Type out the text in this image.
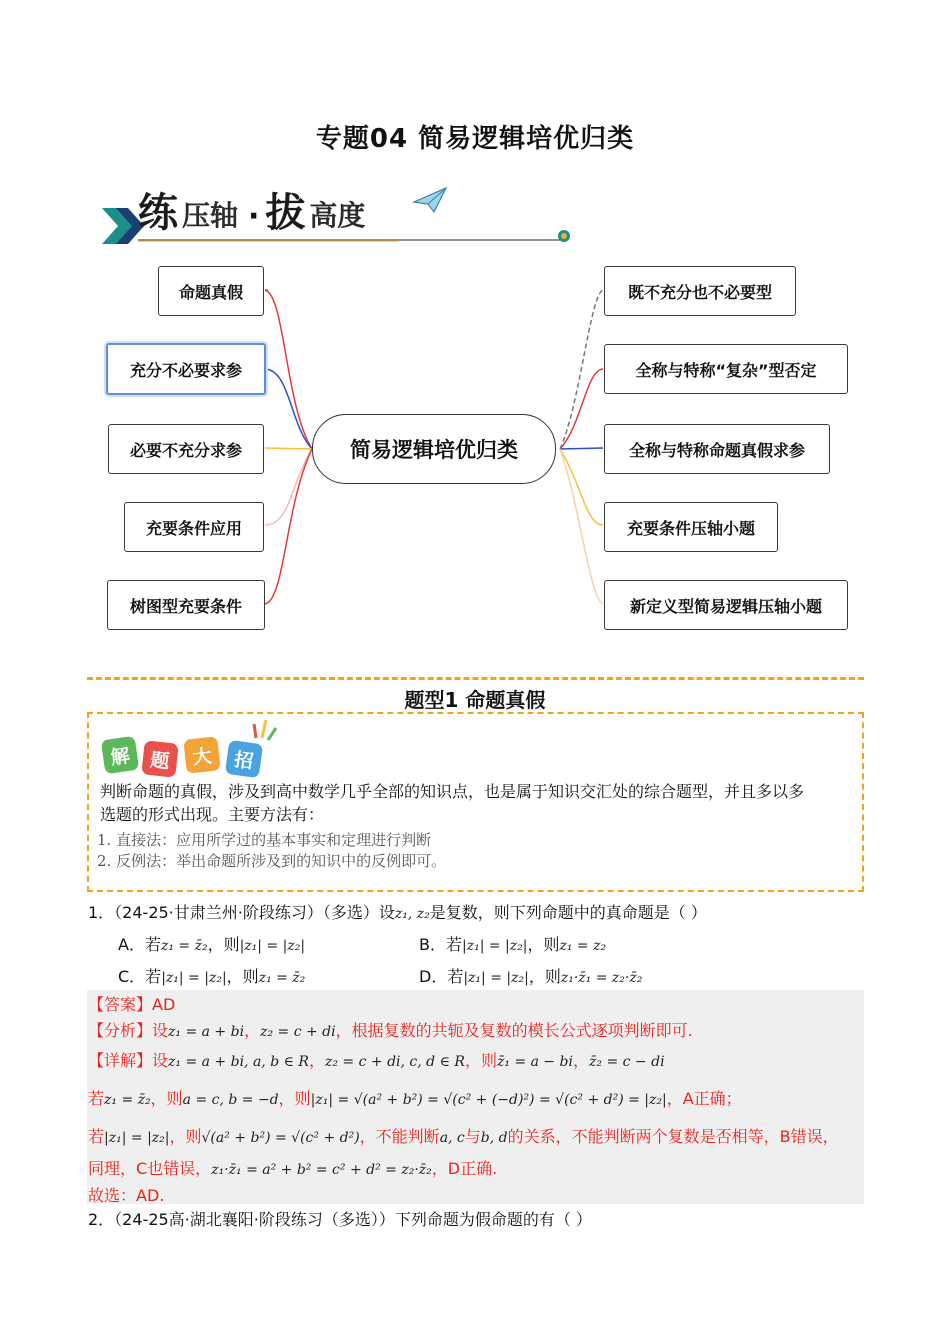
专题04 简易逻辑培优归类
练 压轴 · 拔 高度
命题真假
充分不必要求参
必要不充分求参
充要条件应用
树图型充要条件
简易逻辑培优归类
既不充分也不必要型
全称与特称“复杂”型否定
全称与特称命题真假求参
充要条件压轴小题
新定义型简易逻辑压轴小题
题型1 命题真假
解 题	大	招
判断命题的真假，涉及到高中数学几乎全部的知识点，也是属于知识交汇处的综合题型，并且多以多
选题的形式出现。主要方法有：
1. 直接法：应用所学过的基本事实和定理进行判断
2. 反例法：举出命题所涉及到的知识中的反例即可。
1．（24-25·甘肃兰州·阶段练习）（多选）设z₁, z₂是复数，则下列命题中的真命题是（ ）
A．若z₁ = z̄₂，则|z₁| = |z₂|	B．若|z₁| = |z₂|，则z₁ = z₂
C．若|z₁| = |z₂|，则z₁ = z̄₂	D．若|z₁| = |z₂|，则z₁·z̄₁ = z₂·z̄₂
【答案】AD
【分析】设z₁ = a + bi，z₂ = c + di，根据复数的共轭及复数的模长公式逐项判断即可.
【详解】设z₁ = a + bi, a, b ∈ R，z₂ = c + di, c, d ∈ R，则z̄₁ = a − bi，z̄₂ = c − di
若z₁ = z̄₂，则a = c, b = −d，则|z₁| = √(a² + b²) = √(c² + (−d)²) = √(c² + d²) = |z₂|，A正确；
若|z₁| = |z₂|，则√(a² + b²) = √(c² + d²)，不能判断a, c与b, d的关系，不能判断两个复数是否相等，B错误，
同理，C也错误，z₁·z̄₁ = a² + b² = c² + d² = z₂·z̄₂，D正确.
故选：AD.
2．（24-25高·湖北襄阳·阶段练习（多选））下列命题为假命题的有（ ）
